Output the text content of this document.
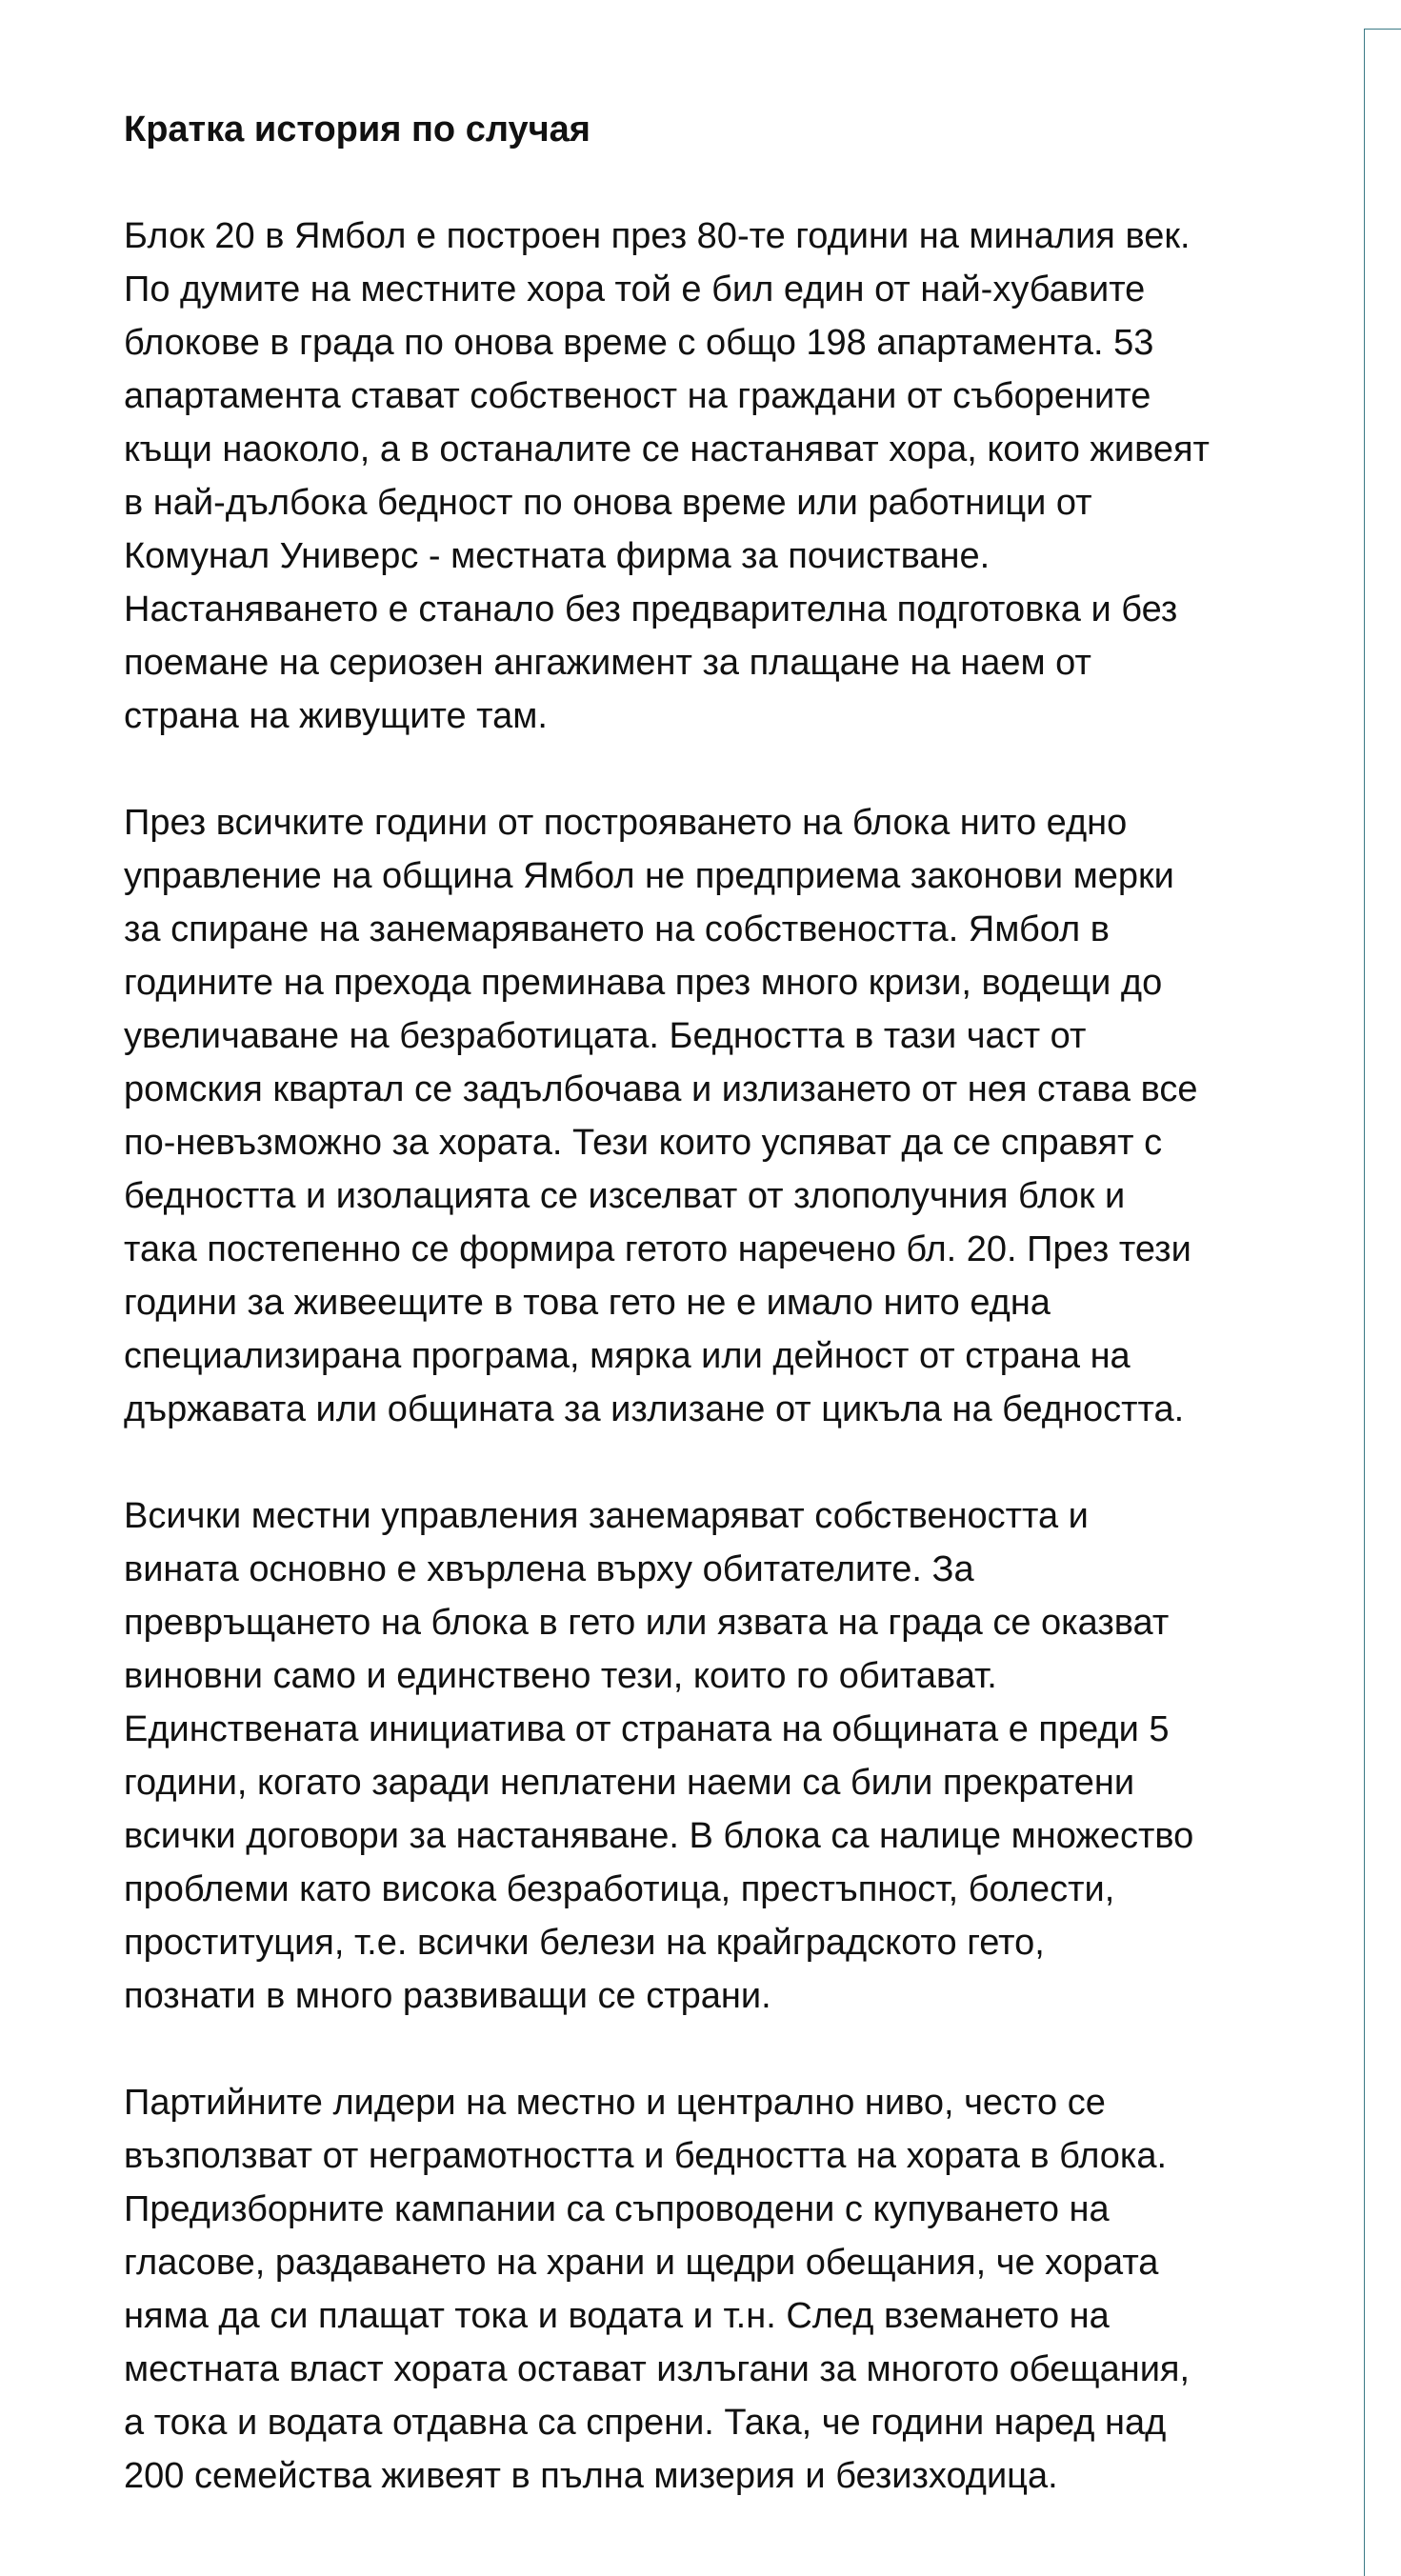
Кратка история по случая
Блок 20 в Ямбол е построен през 80-те години на миналия век.
По думите на местните хора той е бил един от най-хубавите
блокове в града по онова време с общо 198 апартамента. 53
апартамента стават собственост на граждани от съборените
къщи наоколо, а в останалите се настаняват хора, които живеят
в най-дълбока бедност по онова време или работници от
Комунал Универс - местната фирма за почистване.
Настаняването е станало без предварителна подготовка и без
поемане на сериозен ангажимент за плащане на наем от
страна на живущите там.
През всичките години от построяването на блока нито едно
управление на община Ямбол не предприема законови мерки
за спиране на занемаряването на собствеността. Ямбол в
годините на прехода преминава през много кризи, водещи до
увеличаване на безработицата. Бедността в тази част от
ромския квартал се задълбочава и излизането от нея става все
по-невъзможно за хората. Тези които успяват да се справят с
бедността и изолацията се изселват от злополучния блок и
така постепенно се формира гетото наречено бл. 20. През тези
години за живеещите в това гето не е имало нито една
специализирана програма, мярка или дейност от страна на
държавата или общината за излизане от цикъла на бедността.
Всички местни управления занемаряват собствеността и
вината основно е хвърлена върху обитателите. За
превръщането на блока в гето или язвата на града се оказват
виновни само и единствено тези, които го обитават.
Единствената инициатива от страната на общината е преди 5
години, когато заради неплатени наеми са били прекратени
всички договори за настаняване. В блока са налице множество
проблеми като висока безработица, престъпност, болести,
проституция, т.е. всички белези на крайградското гето,
познати в много развиващи се страни.
Партийните лидери на местно и централно ниво, често се
възползват от неграмотността и бедността на хората в блока.
Предизборните кампании са съпроводени с купуването на
гласове, раздаването на храни и щедри обещания, че хората
няма да си плащат тока и водата и т.н. След вземането на
местната власт хората остават излъгани за многото обещания,
а тока и водата отдавна са спрени. Така, че години наред над
200 семейства живеят в пълна мизерия и безизходица.
